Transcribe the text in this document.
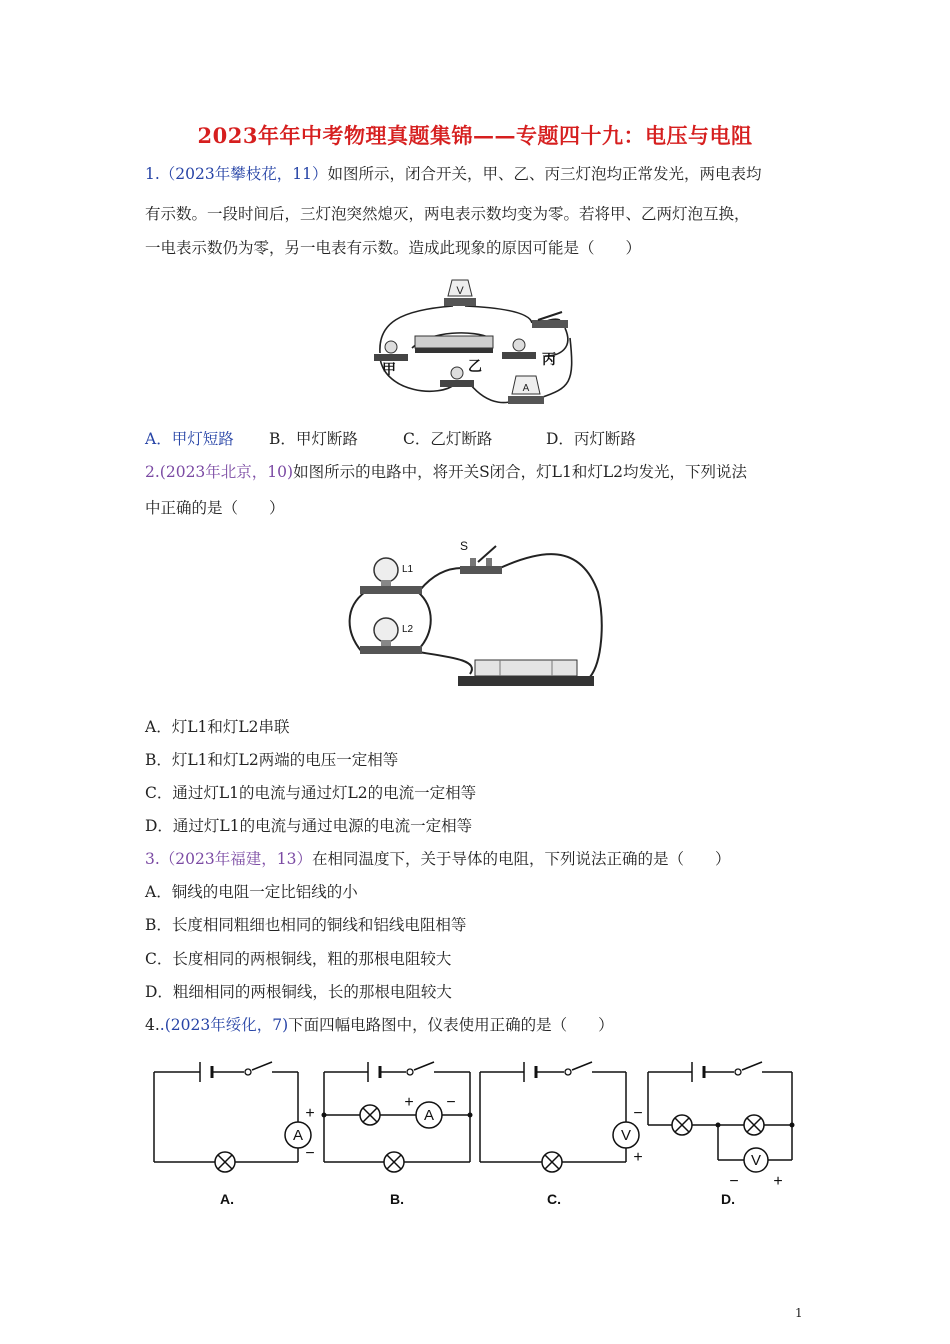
2023年年中考物理真题集锦——专题四十九：电压与电阻
1.（2023年攀枝花，11）如图所示，闭合开关，甲、乙、丙三灯泡均正常发光，两电表均
有示数。一段时间后，三灯泡突然熄灭，两电表示数均变为零。若将甲、乙两灯泡互换，
一电表示数仍为零，另一电表有示数。造成此现象的原因可能是（　　）
V
A
甲	乙	丙
A．甲灯短路 B．甲灯断路	C．乙灯断路	D．丙灯断路
2.(2023年北京，10)如图所示的电路中，将开关S闭合，灯L1和灯L2均发光，下列说法
中正确的是（　　）
S
L1
L2
A．灯L1和灯L2串联
B．灯L1和灯L2两端的电压一定相等
C．通过灯L1的电流与通过灯L2的电流一定相等
D．通过灯L1的电流与通过电源的电流一定相等
3.（2023年福建，13）在相同温度下，关于导体的电阻，下列说法正确的是（　　）
A．铜线的电阻一定比铝线的小
B．长度相同粗细也相同的铜线和铝线电阻相等
C．长度相同的两根铜线，粗的那根电阻较大
D．粗细相同的两根铜线，长的那根电阻较大
4..(2023年绥化，7)下面四幅电路图中，仪表使用正确的是（　　）
A
+
−
A
+ −
V
−
+	V
− +
A.	B.	C.	D.
1
